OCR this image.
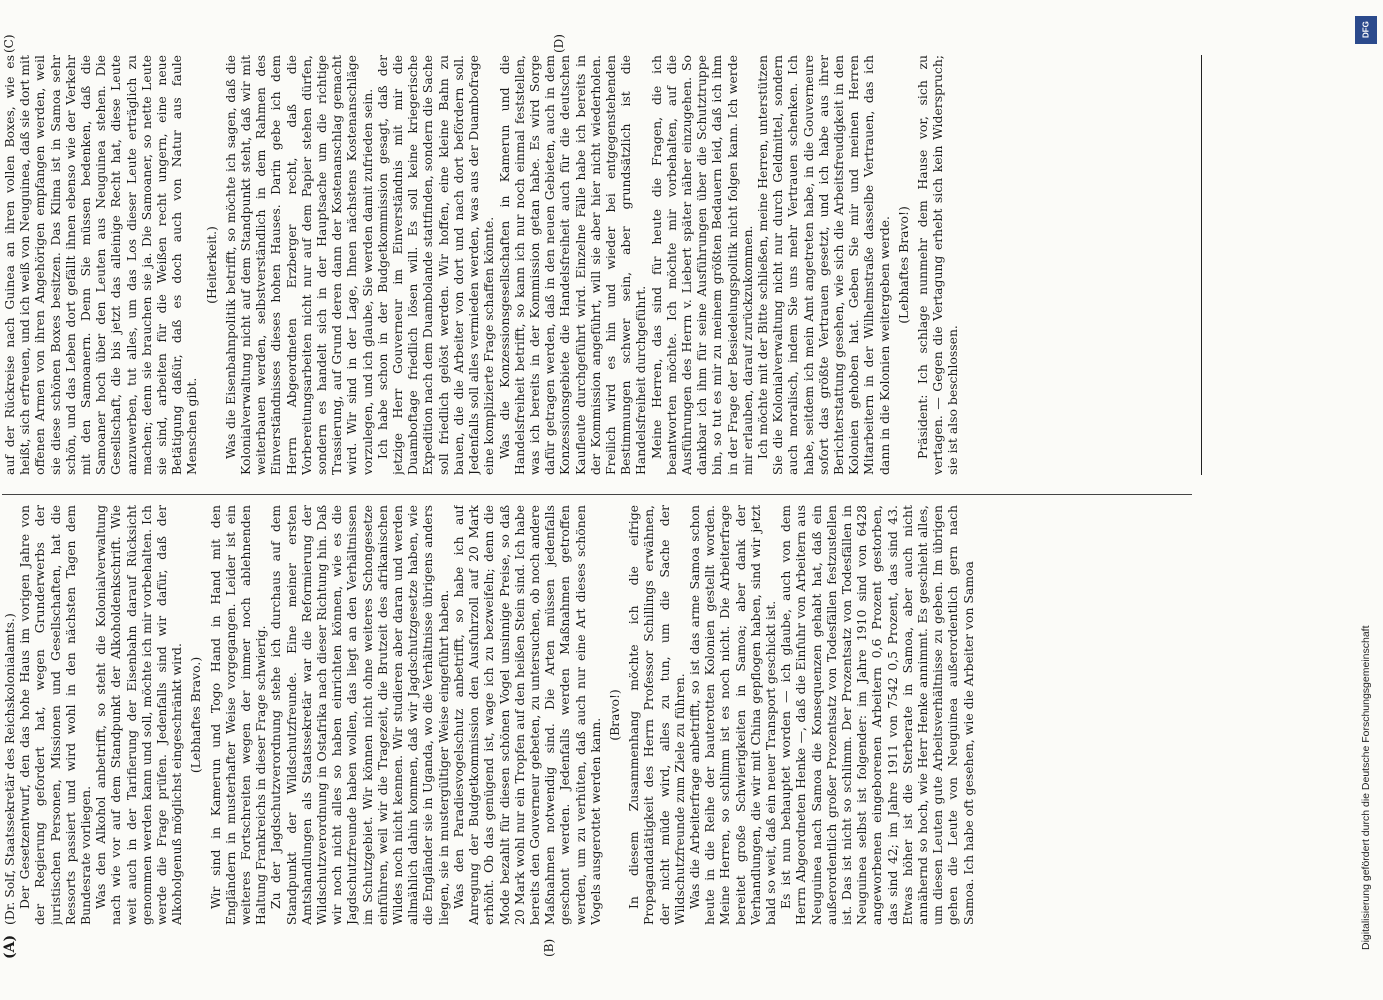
(A)	(B)
(C)	(D)

(Dr. Solf, Staatssekretär des Reichskolonialamts.) Der Gesetzentwurf, den das hohe Haus im vorigen Jahre von der Regierung gefordert hat, wegen Grunderwerbs der juristischen Personen, Missionen und Gesellschaften, hat die Ressorts passiert und wird wohl in den nächsten Tagen dem Bundesrate vorliegen. Was den Alkohol anbetrifft, so steht die Kolonialverwaltung nach wie vor auf dem Standpunkt der Alkoholdenkschrift. Wie weit auch in der Tarifierung der Eisenbahn darauf Rücksicht genommen werden kann und soll, möchte ich mir vorbehalten. Ich werde die Frage prüfen. Jedenfalls sind wir dafür, daß der Alkoholgenuß möglichst eingeschränkt wird. (Lebhaftes Bravo.) Wir sind in Kamerun und Togo Hand in Hand mit den Engländern in musterhafter Weise vorgegangen. Leider ist ein weiteres Fortschreiten wegen der immer noch ablehnenden Haltung Frankreichs in dieser Frage schwierig. Zu der Jagdschutzverordnung stehe ich durchaus auf dem Standpunkt der Wildschutzfreunde. Eine meiner ersten Amtshandlungen als Staatssekretär war die Reformierung der Wildschutzverordnung in Ostafrika nach dieser Richtung hin. Daß wir noch nicht alles so haben einrichten können, wie es die Jagdschutzfreunde haben wollen, das liegt an den Verhältnissen im Schutzgebiet. Wir können nicht ohne weiteres Schongesetze einführen, weil wir die Tragezeit, die Brutzeit des afrikanischen Wildes noch nicht kennen. Wir studieren aber daran und werden allmählich dahin kommen, daß wir Jagdschutzgesetze haben, wie die Engländer sie in Uganda, wo die Verhältnisse übrigens anders liegen, sie in mustergültiger Weise eingeführt haben. Was den Paradiesvogelschutz anbetrifft, so habe ich auf Anregung der Budgetkommission den Ausfuhrzoll auf 20 Mark erhöht. Ob das genügend ist, wage ich zu bezweifeln; denn die Mode bezahlt für diesen schönen Vogel unsinnige Preise, so daß 20 Mark wohl nur ein Tropfen auf den heißen Stein sind. Ich habe bereits den Gouverneur gebeten, zu untersuchen, ob noch andere Maßnahmen notwendig sind. Die Arten müssen jedenfalls geschont werden. Jedenfalls werden Maßnahmen getroffen werden, um zu verhüten, daß auch nur eine Art dieses schönen Vogels ausgerottet werden kann.

(Bravo!) In diesem Zusammenhang möchte ich die eifrige Propagandatätigkeit des Herrn Professor Schillings erwähnen, der nicht müde wird, alles zu tun, um die Sache der Wildschutzfreunde zum Ziele zu führen. Was die Arbeiterfrage anbetrifft, so ist das arme Samoa schon heute in die Reihe der bauterotten Kolonien gestellt worden. Meine Herren, so schlimm ist es noch nicht. Die Arbeiterfrage bereitet große Schwierigkeiten in Samoa; aber dank der Verhandlungen, die wir mit China gepflogen haben, sind wir jetzt bald so weit, daß ein neuer Transport geschickt ist. Es ist nun behauptet worden — ich glaube, auch von dem Herrn Abgeordneten Henke —, daß die Einfuhr von Arbeitern aus Neuguinea nach Samoa die Konsequenzen gehabt hat, daß ein außerordentlich großer Prozentsatz von Todesfällen festzustellen ist. Das ist nicht so schlimm. Der Prozentsatz von Todesfällen in Neuguinea selbst ist folgender: im Jahre 1910 sind von 6428 angeworbenen eingeborenen Arbeitern 0,6 Prozent gestorben, das sind 42; im Jahre 1911 von 7542 0,5 Prozent, das sind 43. Etwas höher ist die Sterberate in Samoa, aber auch nicht annähernd so hoch, wie Herr Henke annimmt. Es geschieht alles, um diesen Leuten gute Arbeitsverhältnisse zu geben. Im übrigen gehen die Leute von Neuguinea außerordentlich gern nach Samoa. Ich habe oft gesehen, wie die Arbeiter von Samoa

auf der Rückreise nach Guinea an ihren vollen Boxes, wie es heißt, sich erfreuen, und ich weiß von Neuguinea, daß sie dort mit offenen Armen von ihren Angehörigen empfangen werden, weil sie diese schönen Boxes besitzen. Das Klima ist in Samoa sehr schön, und das Leben dort gefällt ihnen ebenso wie der Verkehr mit den Samoanern. Denn Sie müssen bedenken, daß die Samoaner hoch über den Leuten aus Neuguinea stehen. Die Gesellschaft, die bis jetzt das alleinige Recht hat, diese Leute anzuwerben, tut alles, um das Los dieser Leute erträglich zu machen; denn sie brauchen sie ja. Die Samoaner, so nette Leute sie sind, arbeiten für die Weißen recht ungern, eine neue Betätigung daßür, daß es doch auch von Natur aus faule Menschen gibt.

(Heiterkeit.) Was die Eisenbahnpolitik betrifft, so möchte ich sagen, daß die Kolonialverwaltung nicht auf dem Standpunkt steht, daß wir mit weiterbauen werden, selbstverständlich in dem Rahmen des Einverständnisses dieses hohen Hauses. Darin gebe ich dem Herrn Abgeordneten Erzberger recht, daß die Vorbereitungsarbeiten nicht nur auf dem Papier stehen dürfen, sondern es handelt sich in der Hauptsache um die richtige Trassierung, auf Grund deren dann der Kostenanschlag gemacht wird. Wir sind in der Lage, Ihnen nächstens Kostenanschläge vorzulegen, und ich glaube, Sie werden damit zufrieden sein. Ich habe schon in der Budgetkommission gesagt, daß der jetzige Herr Gouverneur im Einverständnis mit mir die Duamboftage friedlich lösen will. Es soll keine kriegerische Expedition nach dem Duambolande stattfinden, sondern die Sache soll friedlich gelöst werden. Wir hoffen, eine kleine Bahn zu bauen, die die Arbeiter von dort und nach dort befördern soll. Jedenfalls soll alles vermieden werden, was aus der Duambofrage eine komplizierte Frage schaffen könnte. Was die Konzessionsgesellschaften in Kamerun und die Handelsfreiheit betrifft, so kann ich nur noch einmal feststellen, was ich bereits in der Kommission getan habe. Es wird Sorge dafür getragen werden, daß in den neuen Gebieten, auch in dem Konzessionsgebiete die Handelsfreiheit auch für die deutschen Kaufleute durchgeführt wird. Einzelne Fälle habe ich bereits in der Kommission angeführt, will sie aber hier nicht wiederholen. Freilich wird es hin und wieder bei entgegenstehenden Bestimmungen schwer sein, aber grundsätzlich ist die Handelsfreiheit durchgeführt. Meine Herren, das sind für heute die Fragen, die ich beantworten möchte. Ich möchte mir vorbehalten, auf die Ausführungen des Herrn v. Liebert später näher einzugehen. So dankbar ich ihm für seine Ausführungen über die Schutztruppe bin, so tut es mir zu meinem größten Bedauern leid, daß ich ihm in der Frage der Besiedelungspolitik nicht folgen kann. Ich werde mir erlauben, darauf zurückzukommen. Ich möchte mit der Bitte schließen, meine Herren, unterstützen Sie die Kolonialverwaltung nicht nur durch Geldmittel, sondern auch moralisch, indem Sie uns mehr Vertrauen schenken. Ich habe, seitdem ich mein Amt angetreten habe, in die Gouverneure sofort das größte Vertrauen gesetzt, und ich habe aus ihrer Berichterstattung gesehen, wie sich die Arbeitsfreudigkeit in den Kolonien gehoben hat. Geben Sie mir und meinen Herren Mitarbeitern in der Wilhelmstraße dasselbe Vertrauen, das ich dann in die Kolonien weitergeben werde. (Lebhaftes Bravo!) Präsident: Ich schlage nunmehr dem Hause vor, sich zu vertagen. — Gegen die Vertagung erhebt sich kein Widerspruch; sie ist also beschlossen.

Digitalisierung gefördert durch die Deutsche Forschungsgemeinschaft
DFG
